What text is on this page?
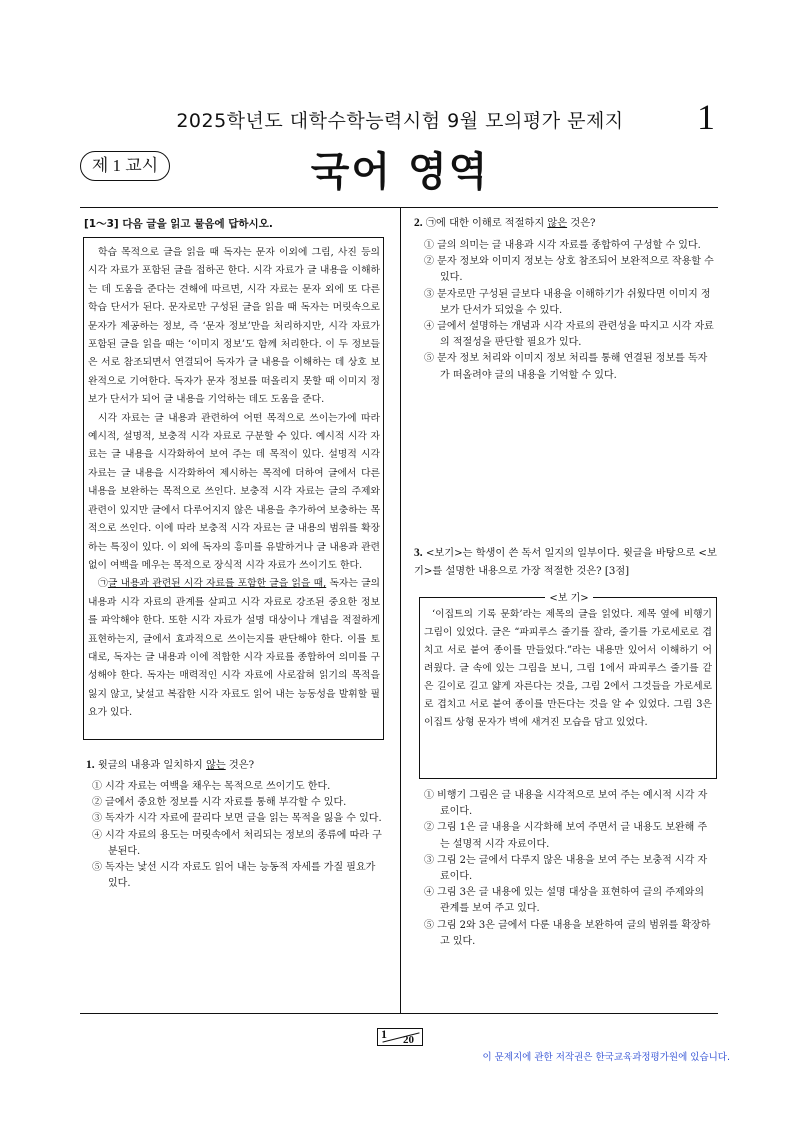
2025학년도 대학수학능력시험 9월 모의평가 문제지	1
제 1 교시	국어 영역
[1～3] 다음 글을 읽고 물음에 답하시오.

학습 목적으로 글을 읽을 때 독자는 문자 이외에 그림, 사진 등의 시각 자료가 포함된 글을 접하곤 한다. 시각 자료가 글 내용을 이해하는 데 도움을 준다는 견해에 따르면, 시각 자료는 문자 외에 또 다른 학습 단서가 된다. 문자로만 구성된 글을 읽을 때 독자는 머릿속으로 문자가 제공하는 정보, 즉 ‘문자 정보’만을 처리하지만, 시각 자료가 포함된 글을 읽을 때는 ‘이미지 정보’도 함께 처리한다. 이 두 정보들은 서로 참조되면서 연결되어 독자가 글 내용을 이해하는 데 상호 보완적으로 기여한다. 독자가 문자 정보를 떠올리지 못할 때 이미지 정보가 단서가 되어 글 내용을 기억하는 데도 도움을 준다.

시각 자료는 글 내용과 관련하여 어떤 목적으로 쓰이는가에 따라 예시적, 설명적, 보충적 시각 자료로 구분할 수 있다. 예시적 시각 자료는 글 내용을 시각화하여 보여 주는 데 목적이 있다. 설명적 시각 자료는 글 내용을 시각화하여 제시하는 목적에 더하여 글에서 다른 내용을 보완하는 목적으로 쓰인다. 보충적 시각 자료는 글의 주제와 관련이 있지만 글에서 다루어지지 않은 내용을 추가하여 보충하는 목적으로 쓰인다. 이에 따라 보충적 시각 자료는 글 내용의 범위를 확장하는 특징이 있다. 이 외에 독자의 흥미를 유발하거나 글 내용과 관련 없이 여백을 메우는 목적으로 장식적 시각 자료가 쓰이기도 한다.

㉠글 내용과 관련된 시각 자료를 포함한 글을 읽을 때, 독자는 글의 내용과 시각 자료의 관계를 살피고 시각 자료로 강조된 중요한 정보를 파악해야 한다. 또한 시각 자료가 설명 대상이나 개념을 적절하게 표현하는지, 글에서 효과적으로 쓰이는지를 판단해야 한다. 이를 토대로, 독자는 글 내용과 이에 적합한 시각 자료를 종합하여 의미를 구성해야 한다. 독자는 매력적인 시각 자료에 사로잡혀 읽기의 목적을 잃지 않고, 낯설고 복잡한 시각 자료도 읽어 내는 능동성을 발휘할 필요가 있다.

1. 윗글의 내용과 일치하지 않는 것은?
① 시각 자료는 여백을 채우는 목적으로 쓰이기도 한다.
② 글에서 중요한 정보를 시각 자료를 통해 부각할 수 있다.
③ 독자가 시각 자료에 끌리다 보면 글을 읽는 목적을 잃을 수 있다.
④ 시각 자료의 용도는 머릿속에서 처리되는 정보의 종류에 따라 구분된다.
⑤ 독자는 낯선 시각 자료도 읽어 내는 능동적 자세를 가질 필요가 있다.
2. ㉠에 대한 이해로 적절하지 않은 것은?
① 글의 의미는 글 내용과 시각 자료를 종합하여 구성할 수 있다.
② 문자 정보와 이미지 정보는 상호 참조되어 보완적으로 작용할 수 있다.
③ 문자로만 구성된 글보다 내용을 이해하기가 쉬웠다면 이미지 정보가 단서가 되었을 수 있다.
④ 글에서 설명하는 개념과 시각 자료의 관련성을 따지고 시각 자료의 적절성을 판단할 필요가 있다.
⑤ 문자 정보 처리와 이미지 정보 처리를 통해 연결된 정보를 독자가 떠올려야 글의 내용을 기억할 수 있다.
3. <보기>는 학생이 쓴 독서 일지의 일부이다. 윗글을 바탕으로 <보기>를 설명한 내용으로 가장 적절한 것은? [3점]
<보 기>
‘이집트의 기록 문화’라는 제목의 글을 읽었다. 제목 옆에 비행기 그림이 있었다. 글은 “파피루스 줄기를 잘라, 줄기를 가로세로로 겹치고 서로 붙여 종이를 만들었다.”라는 내용만 있어서 이해하기 어려웠다. 글 속에 있는 그림을 보니, 그림 1에서 파피루스 줄기를 같은 길이로 길고 얇게 자른다는 것을, 그림 2에서 그것들을 가로세로로 겹치고 서로 붙여 종이를 만든다는 것을 알 수 있었다. 그림 3은 이집트 상형 문자가 벽에 새겨진 모습을 담고 있었다.
① 비행기 그림은 글 내용을 시각적으로 보여 주는 예시적 시각 자료이다.
② 그림 1은 글 내용을 시각화해 보여 주면서 글 내용도 보완해 주는 설명적 시각 자료이다.
③ 그림 2는 글에서 다루지 않은 내용을 보여 주는 보충적 시각 자료이다.
④ 그림 3은 글 내용에 있는 설명 대상을 표현하여 글의 주제와의 관계를 보여 주고 있다.
⑤ 그림 2와 3은 글에서 다룬 내용을 보완하여 글의 범위를 확장하고 있다.
1 20
이 문제지에 관한 저작권은 한국교육과정평가원에 있습니다.
